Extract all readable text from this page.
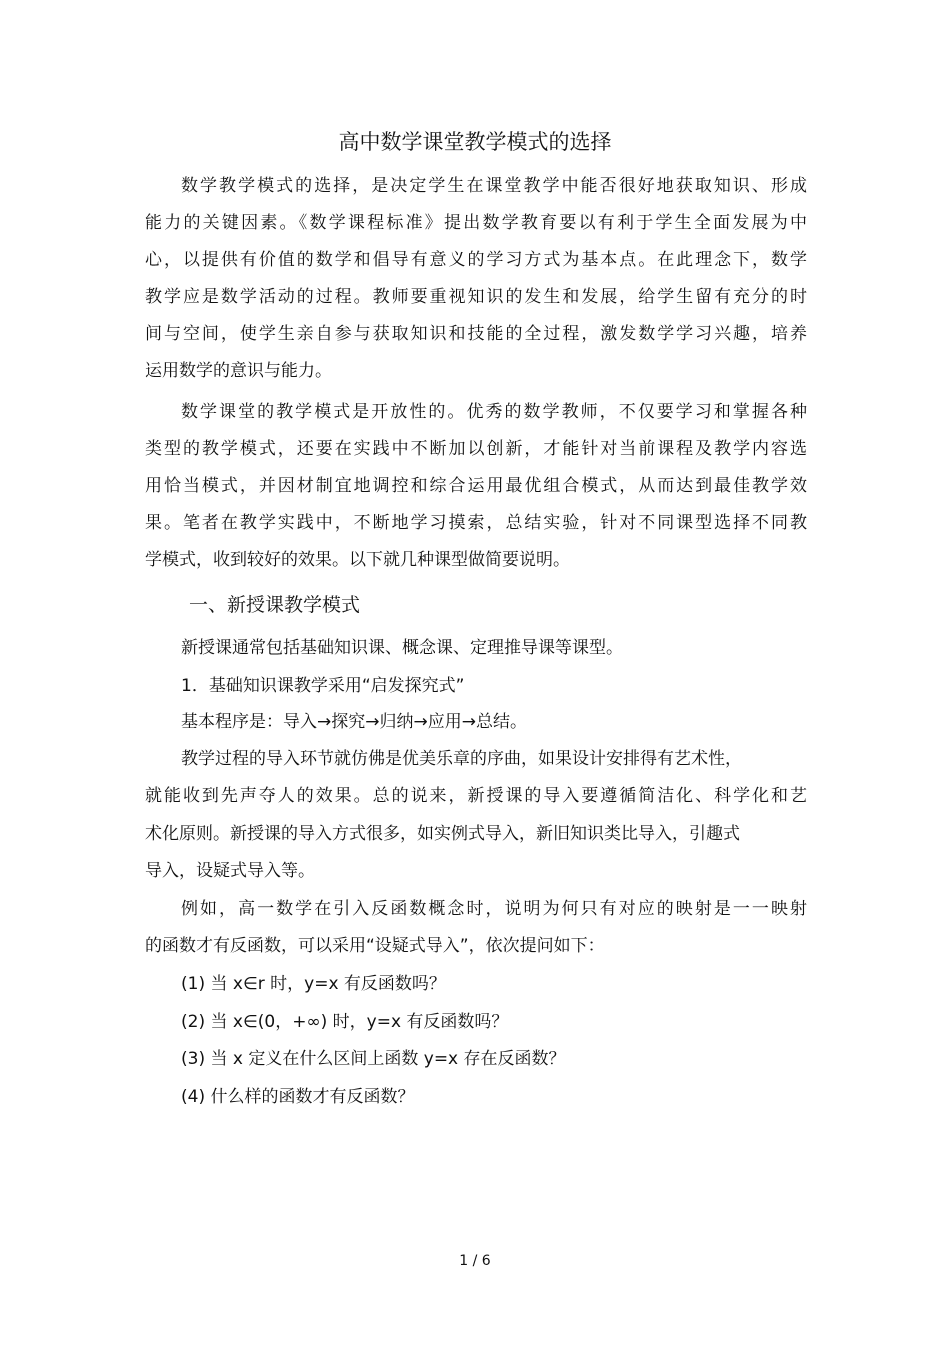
高中数学课堂教学模式的选择
数学教学模式的选择，是决定学生在课堂教学中能否很好地获取知识、形成
能力的关键因素。《数学课程标准》提出数学教育要以有利于学生全面发展为中
心，以提供有价值的数学和倡导有意义的学习方式为基本点。在此理念下，数学
教学应是数学活动的过程。教师要重视知识的发生和发展，给学生留有充分的时
间与空间，使学生亲自参与获取知识和技能的全过程，激发数学学习兴趣，培养
运用数学的意识与能力。
数学课堂的教学模式是开放性的。优秀的数学教师，不仅要学习和掌握各种
类型的教学模式，还要在实践中不断加以创新，才能针对当前课程及教学内容选
用恰当模式，并因材制宜地调控和综合运用最优组合模式，从而达到最佳教学效
果。笔者在教学实践中，不断地学习摸索，总结实验，针对不同课型选择不同教
学模式，收到较好的效果。以下就几种课型做简要说明。
一、新授课教学模式
新授课通常包括基础知识课、概念课、定理推导课等课型。
1．基础知识课教学采用“启发探究式”
基本程序是：导入→探究→归纳→应用→总结。
教学过程的导入环节就仿佛是优美乐章的序曲，如果设计安排得有艺术性，
就能收到先声夺人的效果。总的说来，新授课的导入要遵循简洁化、科学化和艺
术化原则。新授课的导入方式很多，如实例式导入，新旧知识类比导入，引趣式
导入，设疑式导入等。
例如，高一数学在引入反函数概念时，说明为何只有对应的映射是一一映射
的函数才有反函数，可以采用“设疑式导入”，依次提问如下：
(1) 当 x∈r 时，y=x 有反函数吗？
(2) 当 x∈(0，+∞) 时，y=x 有反函数吗？
(3) 当 x 定义在什么区间上函数 y=x 存在反函数？
(4) 什么样的函数才有反函数？
1 / 6
